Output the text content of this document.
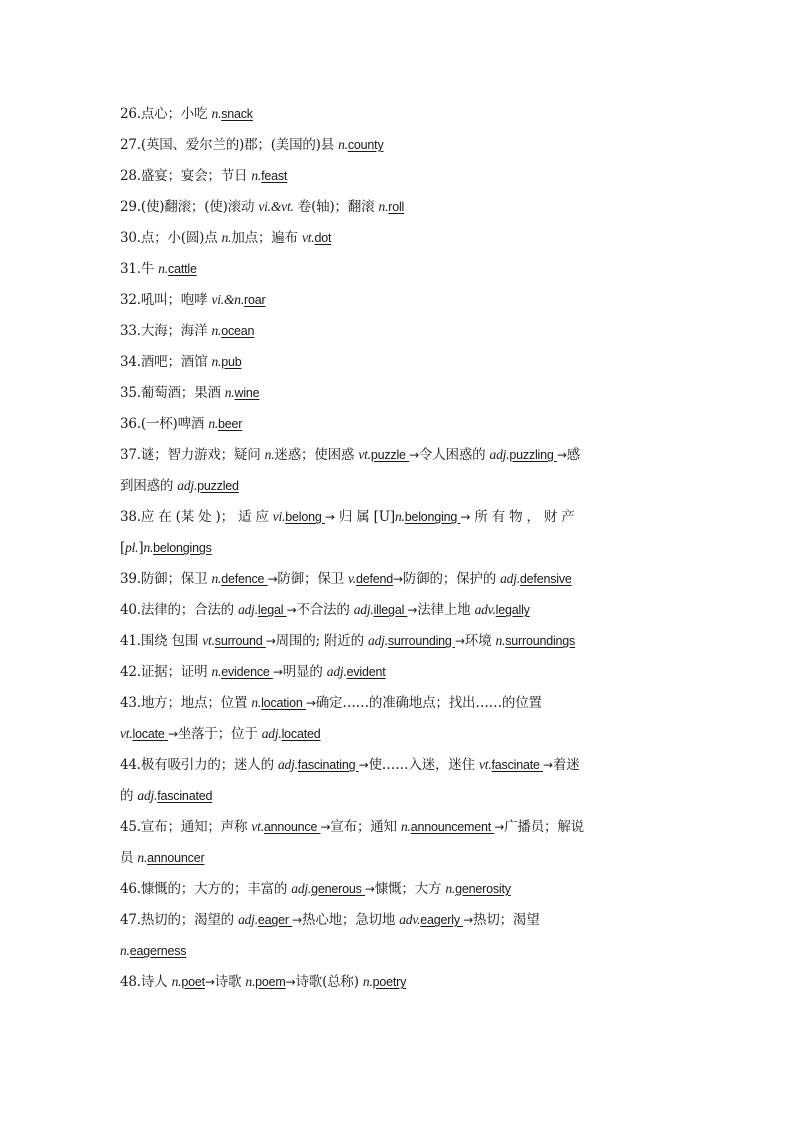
26.点心；小吃 n.snack
27.(英国、爱尔兰的)郡；(美国的)县 n.county
28.盛宴；宴会；节日 n.feast
29.(使)翻滚；(使)滚动 vi.&vt. 卷(轴)；翻滚 n.roll
30.点；小(圆)点 n.加点；遍布 vt.dot
31.牛 n.cattle
32.吼叫；咆哮 vi.&n.roar
33.大海；海洋 n.ocean
34.酒吧；酒馆 n.pub
35.葡萄酒；果酒 n.wine
36.(一杯)啤酒 n.beer
37.谜；智力游戏；疑问 n.迷惑；使困惑 vt.puzzle →令人困惑的 adj.puzzling →感
到困惑的 adj.puzzled
38.应 在 (某 处 )； 适 应 vi.belong → 归 属 [U]n.belonging → 所 有 物 ， 财 产
[pl.]n.belongings
39.防御；保卫 n.defence →防御；保卫 v.defend→防御的；保护的 adj.defensive
40.法律的；合法的 adj.legal →不合法的 adj.illegal →法律上地 adv.legally
41.围绕 包围 vt.surround →周围的; 附近的 adj.surrounding →环境 n.surroundings
42.证据；证明 n.evidence →明显的 adj.evident
43.地方；地点；位置 n.location →确定……的准确地点；找出……的位置
vt.locate →坐落于；位于 adj.located
44.极有吸引力的；迷人的 adj.fascinating →使……入迷，迷住 vt.fascinate →着迷
的 adj.fascinated
45.宣布；通知；声称 vt.announce →宣布；通知 n.announcement →广播员；解说
员 n.announcer
46.慷慨的；大方的；丰富的 adj.generous →慷慨；大方 n.generosity
47.热切的；渴望的 adj.eager →热心地；急切地 adv.eagerly →热切；渴望
n.eagerness
48.诗人 n.poet→诗歌 n.poem→诗歌(总称) n.poetry
